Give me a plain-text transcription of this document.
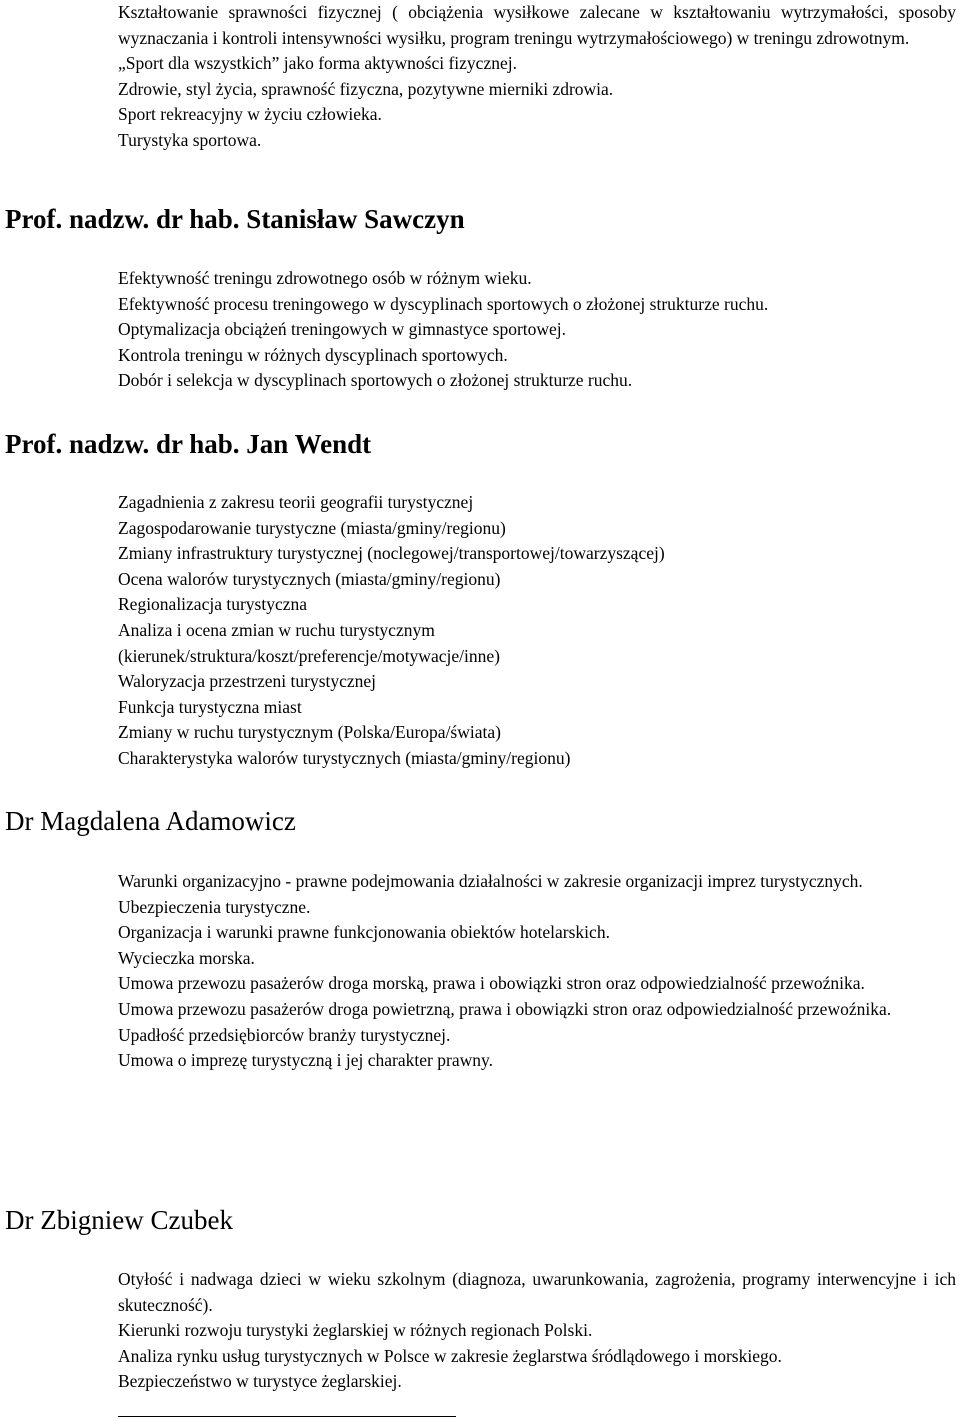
Kształtowanie sprawności fizycznej ( obciążenia wysiłkowe zalecane w kształtowaniu wytrzymałości, sposoby wyznaczania i kontroli intensywności wysiłku, program treningu wytrzymałościowego) w treningu zdrowotnym.
„Sport dla wszystkich” jako forma aktywności fizycznej.
Zdrowie, styl życia, sprawność fizyczna, pozytywne mierniki zdrowia.
Sport rekreacyjny w życiu człowieka.
Turystyka sportowa.
Prof. nadzw. dr hab. Stanisław Sawczyn
Efektywność treningu zdrowotnego osób w różnym wieku.
Efektywność procesu treningowego w dyscyplinach sportowych o złożonej strukturze ruchu.
Optymalizacja obciążeń treningowych w gimnastyce sportowej.
Kontrola treningu w różnych dyscyplinach sportowych.
Dobór i selekcja w dyscyplinach sportowych o złożonej strukturze ruchu.
Prof. nadzw. dr hab. Jan Wendt
Zagadnienia z zakresu teorii geografii turystycznej
Zagospodarowanie turystyczne (miasta/gminy/regionu)
Zmiany infrastruktury turystycznej (noclegowej/transportowej/towarzyszącej)
Ocena walorów turystycznych (miasta/gminy/regionu)
Regionalizacja turystyczna
Analiza i ocena zmian w ruchu turystycznym (kierunek/struktura/koszt/preferencje/motywacje/inne)
Waloryzacja przestrzeni turystycznej
Funkcja turystyczna miast
Zmiany w ruchu turystycznym (Polska/Europa/świata)
Charakterystyka walorów turystycznych (miasta/gminy/regionu)
Dr Magdalena Adamowicz
Warunki organizacyjno - prawne podejmowania działalności w zakresie organizacji imprez turystycznych.
Ubezpieczenia turystyczne.
Organizacja i warunki prawne funkcjonowania obiektów hotelarskich.
Wycieczka morska.
Umowa przewozu pasażerów droga morską, prawa i obowiązki stron oraz odpowiedzialność przewoźnika.
Umowa przewozu pasażerów droga powietrzną, prawa i obowiązki stron oraz odpowiedzialność przewoźnika.
Upadłość przedsiębiorców branży turystycznej.
Umowa o imprezę turystyczną i jej charakter prawny.
Dr Zbigniew Czubek
Otyłość i nadwaga dzieci w wieku szkolnym (diagnoza, uwarunkowania, zagrożenia, programy interwencyjne i ich skuteczność).
Kierunki rozwoju turystyki żeglarskiej w różnych regionach Polski.
Analiza rynku usług turystycznych w Polsce w zakresie żeglarstwa śródlądowego i morskiego.
Bezpieczeństwo w turystyce żeglarskiej.
